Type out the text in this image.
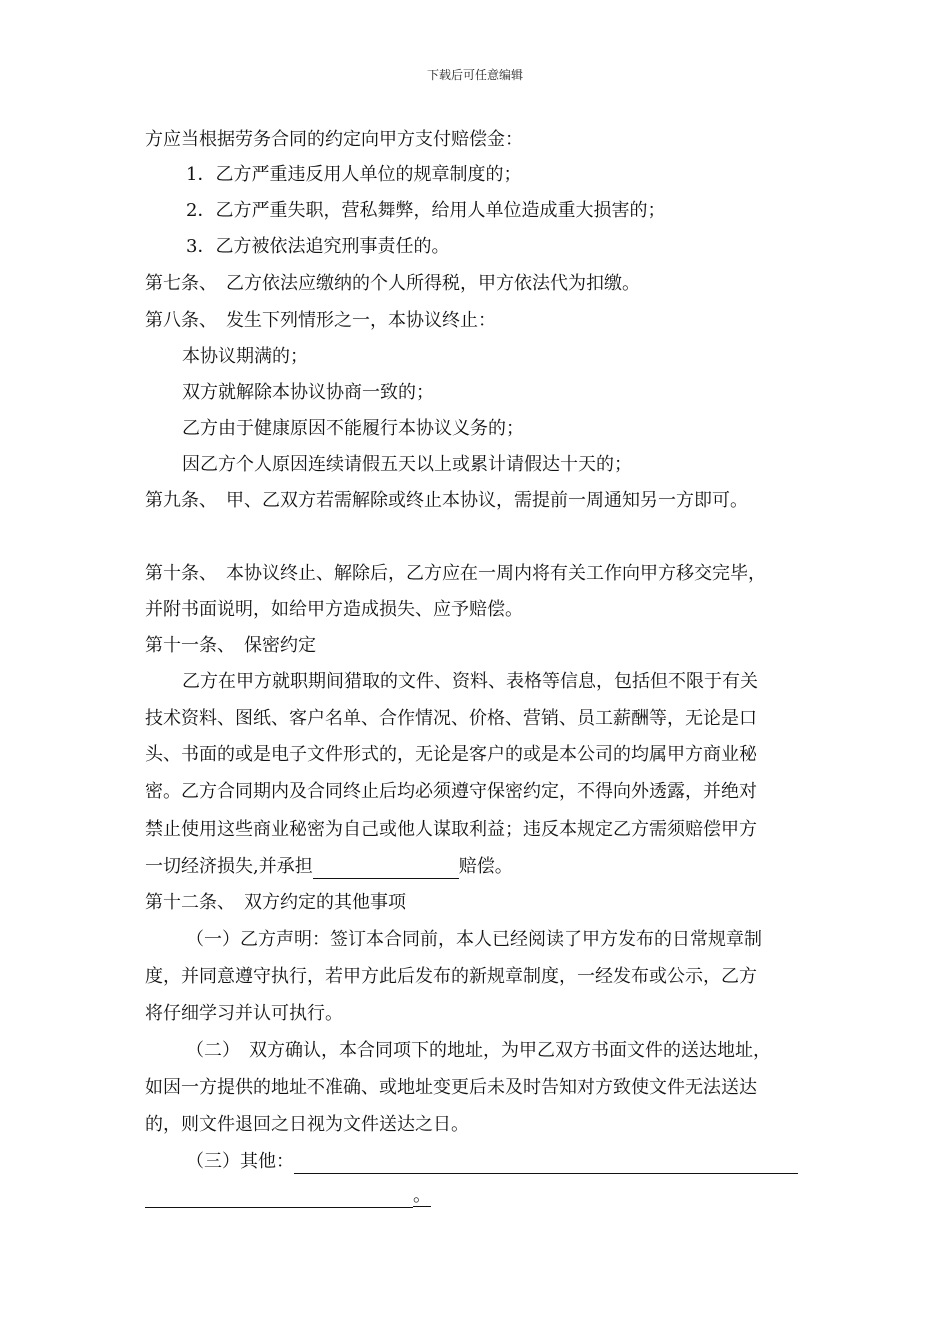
下载后可任意编辑
方应当根据劳务合同的约定向甲方支付赔偿金：
1．乙方严重违反用人单位的规章制度的；
2．乙方严重失职，营私舞弊，给用人单位造成重大损害的；
3．乙方被依法追究刑事责任的。
第七条、　乙方依法应缴纳的个人所得税，甲方依法代为扣缴。
第八条、　发生下列情形之一，本协议终止：
本协议期满的；
双方就解除本协议协商一致的；
乙方由于健康原因不能履行本协议义务的；
因乙方个人原因连续请假五天以上或累计请假达十天的；
第九条、　甲、乙双方若需解除或终止本协议，需提前一周通知另一方即可。
第十条、　本协议终止、解除后，乙方应在一周内将有关工作向甲方移交完毕，
并附书面说明，如给甲方造成损失、应予赔偿。
第十一条、　保密约定
乙方在甲方就职期间猎取的文件、资料、表格等信息，包括但不限于有关
技术资料、图纸、客户名单、合作情况、价格、营销、员工薪酬等，无论是口
头、书面的或是电子文件形式的，无论是客户的或是本公司的均属甲方商业秘
密。乙方合同期内及合同终止后均必须遵守保密约定，不得向外透露，并绝对
禁止使用这些商业秘密为自己或他人谋取利益；违反本规定乙方需须赔偿甲方
一切经济损失,并承担	赔偿。
第十二条、　双方约定的其他事项
（一）乙方声明：签订本合同前，本人已经阅读了甲方发布的日常规章制
度，并同意遵守执行，若甲方此后发布的新规章制度，一经发布或公示，乙方
将仔细学习并认可执行。
（二）　双方确认，本合同项下的地址，为甲乙双方书面文件的送达地址，
如因一方提供的地址不准确、或地址变更后未及时告知对方致使文件无法送达
的，则文件退回之日视为文件送达之日。
（三）其他：
。
